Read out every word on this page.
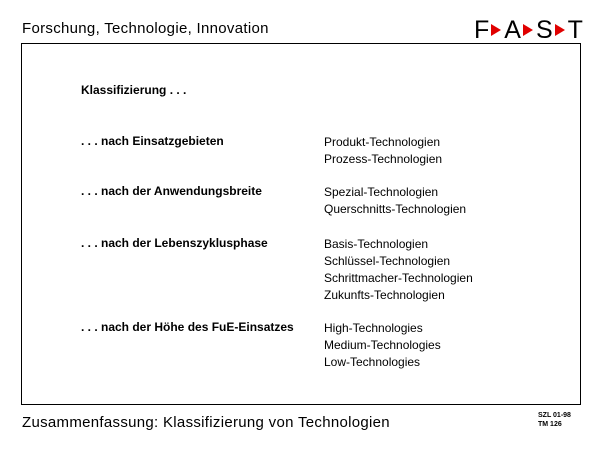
Forschung, Technologie, Innovation	F A S T
Klassifizierung . . .
. . . nach Einsatzgebieten	Produkt-Technologien
Prozess-Technologien
. . . nach der Anwendungsbreite	Spezial-Technologien
Querschnitts-Technologien
. . . nach der Lebenszyklusphase	Basis-Technologien
Schlüssel-Technologien
Schrittmacher-Technologien
Zukunfts-Technologien
. . . nach der Höhe des FuE-Einsatzes	High-Technologies
Medium-Technologies
Low-Technologies
Zusammenfassung: Klassifizierung von Technologien	SZL 01-98
TM 126
